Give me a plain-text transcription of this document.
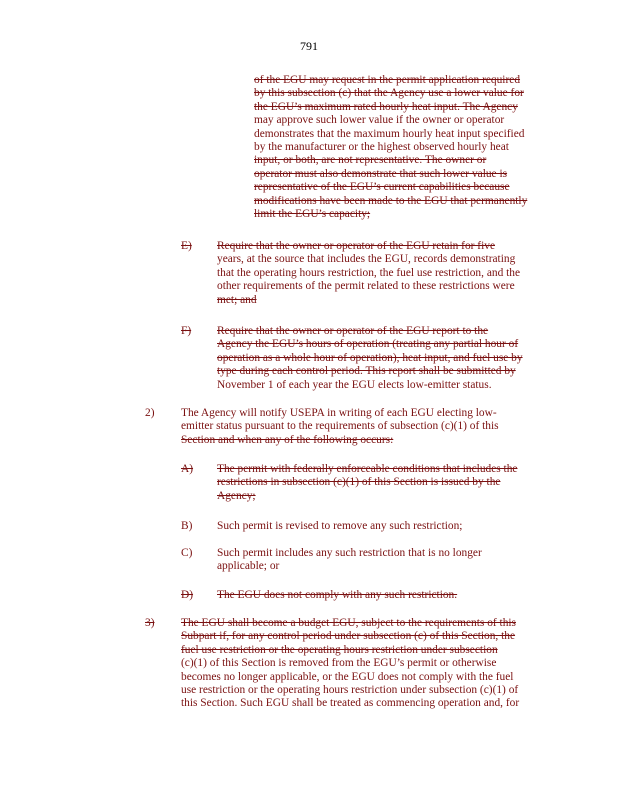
791
of the EGU may request in the permit application required
by this subsection (c) that the Agency use a lower value for
the EGU’s maximum rated hourly heat input. The Agency
may approve such lower value if the owner or operator
demonstrates that the maximum hourly heat input specified
by the manufacturer or the highest observed hourly heat
input, or both, are not representative. The owner or
operator must also demonstrate that such lower value is
representative of the EGU’s current capabilities because
modifications have been made to the EGU that permanently
limit the EGU’s capacity;
E) Require that the owner or operator of the EGU retain for five
years, at the source that includes the EGU, records demonstrating
that the operating hours restriction, the fuel use restriction, and the
other requirements of the permit related to these restrictions were
met; and
F) Require that the owner or operator of the EGU report to the
Agency the EGU’s hours of operation (treating any partial hour of
operation as a whole hour of operation), heat input, and fuel use by
type during each control period. This report shall be submitted by
November 1 of each year the EGU elects low-emitter status.
2) The Agency will notify USEPA in writing of each EGU electing low-
emitter status pursuant to the requirements of subsection (c)(1) of this
Section and when any of the following occurs:
A) The permit with federally enforceable conditions that includes the
restrictions in subsection (c)(1) of this Section is issued by the
Agency;
B) Such permit is revised to remove any such restriction;
C) Such permit includes any such restriction that is no longer
applicable; or
D) The EGU does not comply with any such restriction.
3) The EGU shall become a budget EGU, subject to the requirements of this
Subpart if, for any control period under subsection (c) of this Section, the
fuel use restriction or the operating hours restriction under subsection
(c)(1) of this Section is removed from the EGU’s permit or otherwise
becomes no longer applicable, or the EGU does not comply with the fuel
use restriction or the operating hours restriction under subsection (c)(1) of
this Section. Such EGU shall be treated as commencing operation and, for
